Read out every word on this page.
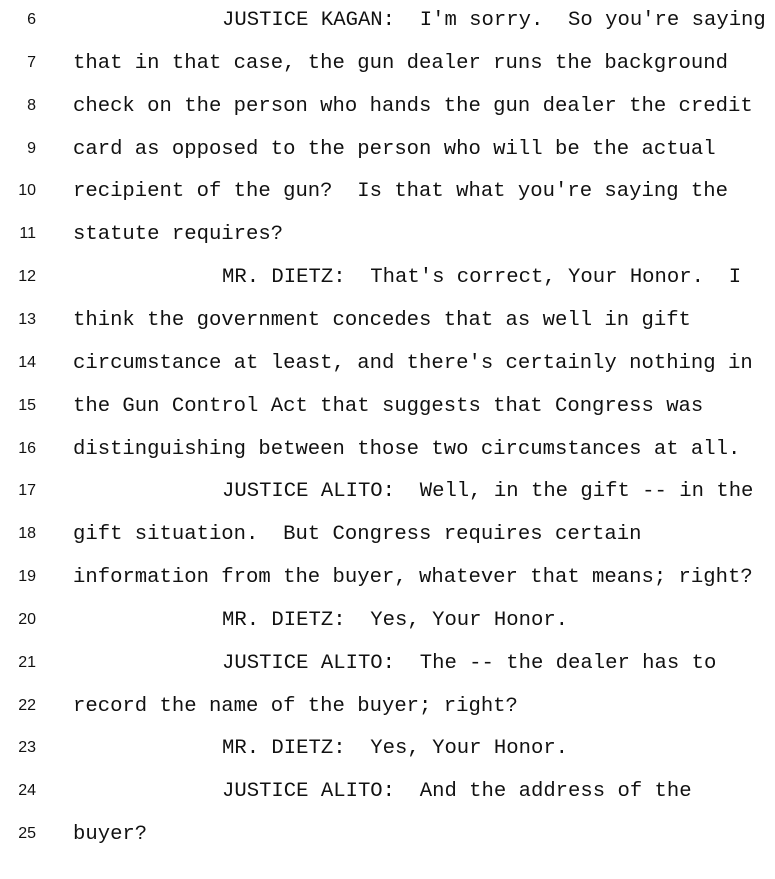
6	JUSTICE KAGAN:  I'm sorry.  So you're saying
7 that in that case, the gun dealer runs the background
8 check on the person who hands the gun dealer the credit
9 card as opposed to the person who will be the actual
10 recipient of the gun?  Is that what you're saying the
11 statute requires?
12	MR. DIETZ:  That's correct, Your Honor.  I
13 think the government concedes that as well in gift
14 circumstance at least, and there's certainly nothing in
15 the Gun Control Act that suggests that Congress was
16 distinguishing between those two circumstances at all.
17	JUSTICE ALITO:  Well, in the gift -- in the
18 gift situation.  But Congress requires certain
19 information from the buyer, whatever that means; right?
20	MR. DIETZ:  Yes, Your Honor.
21	JUSTICE ALITO:  The -- the dealer has to
22 record the name of the buyer; right?
23	MR. DIETZ:  Yes, Your Honor.
24	JUSTICE ALITO:  And the address of the
25 buyer?
